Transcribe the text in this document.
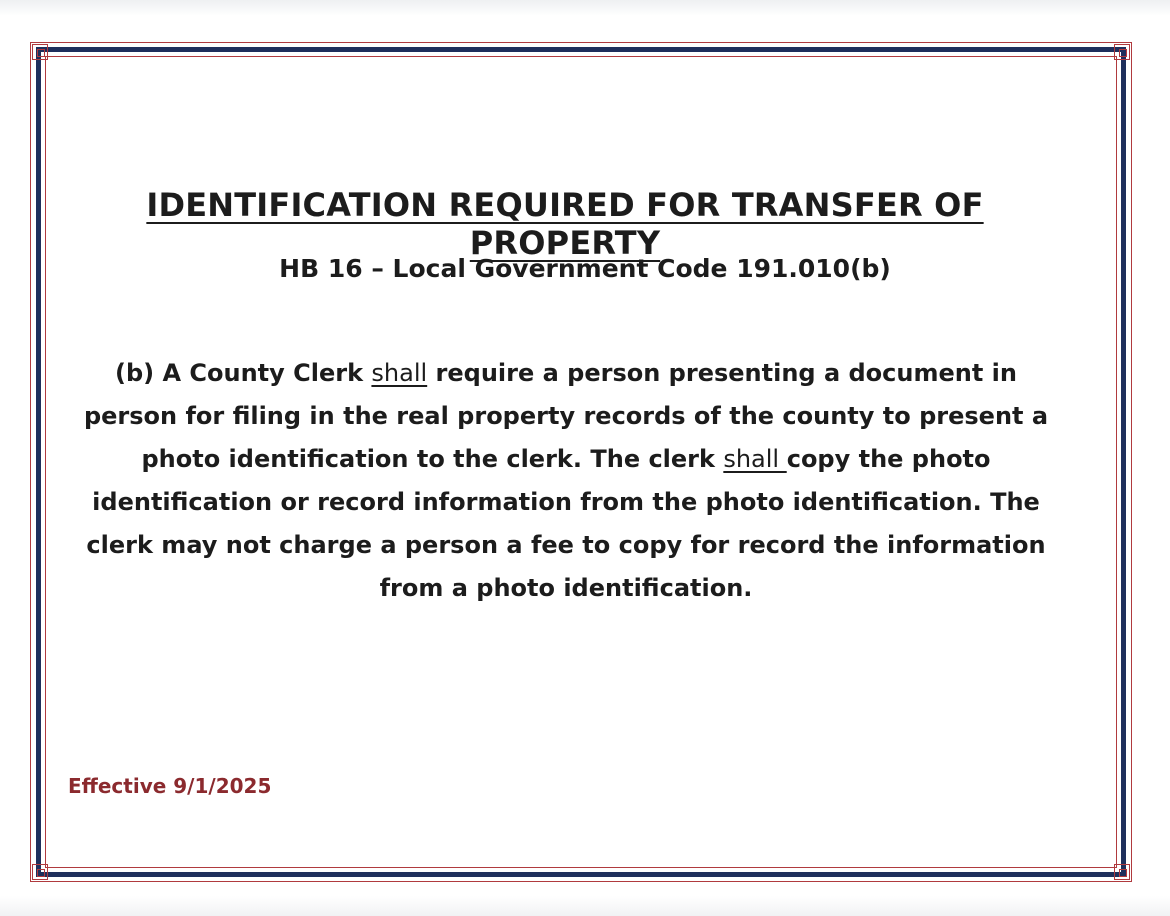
IDENTIFICATION REQUIRED FOR TRANSFER OF PROPERTY
HB 16 – Local Government Code 191.010(b)

(b) A County Clerk shall require a person presenting a document in person for filing in the real property records of the county to present a photo identification to the clerk. The clerk shall copy the photo identification or record information from the photo identification. The clerk may not charge a person a fee to copy for record the information from a photo identification.

Effective 9/1/2025
